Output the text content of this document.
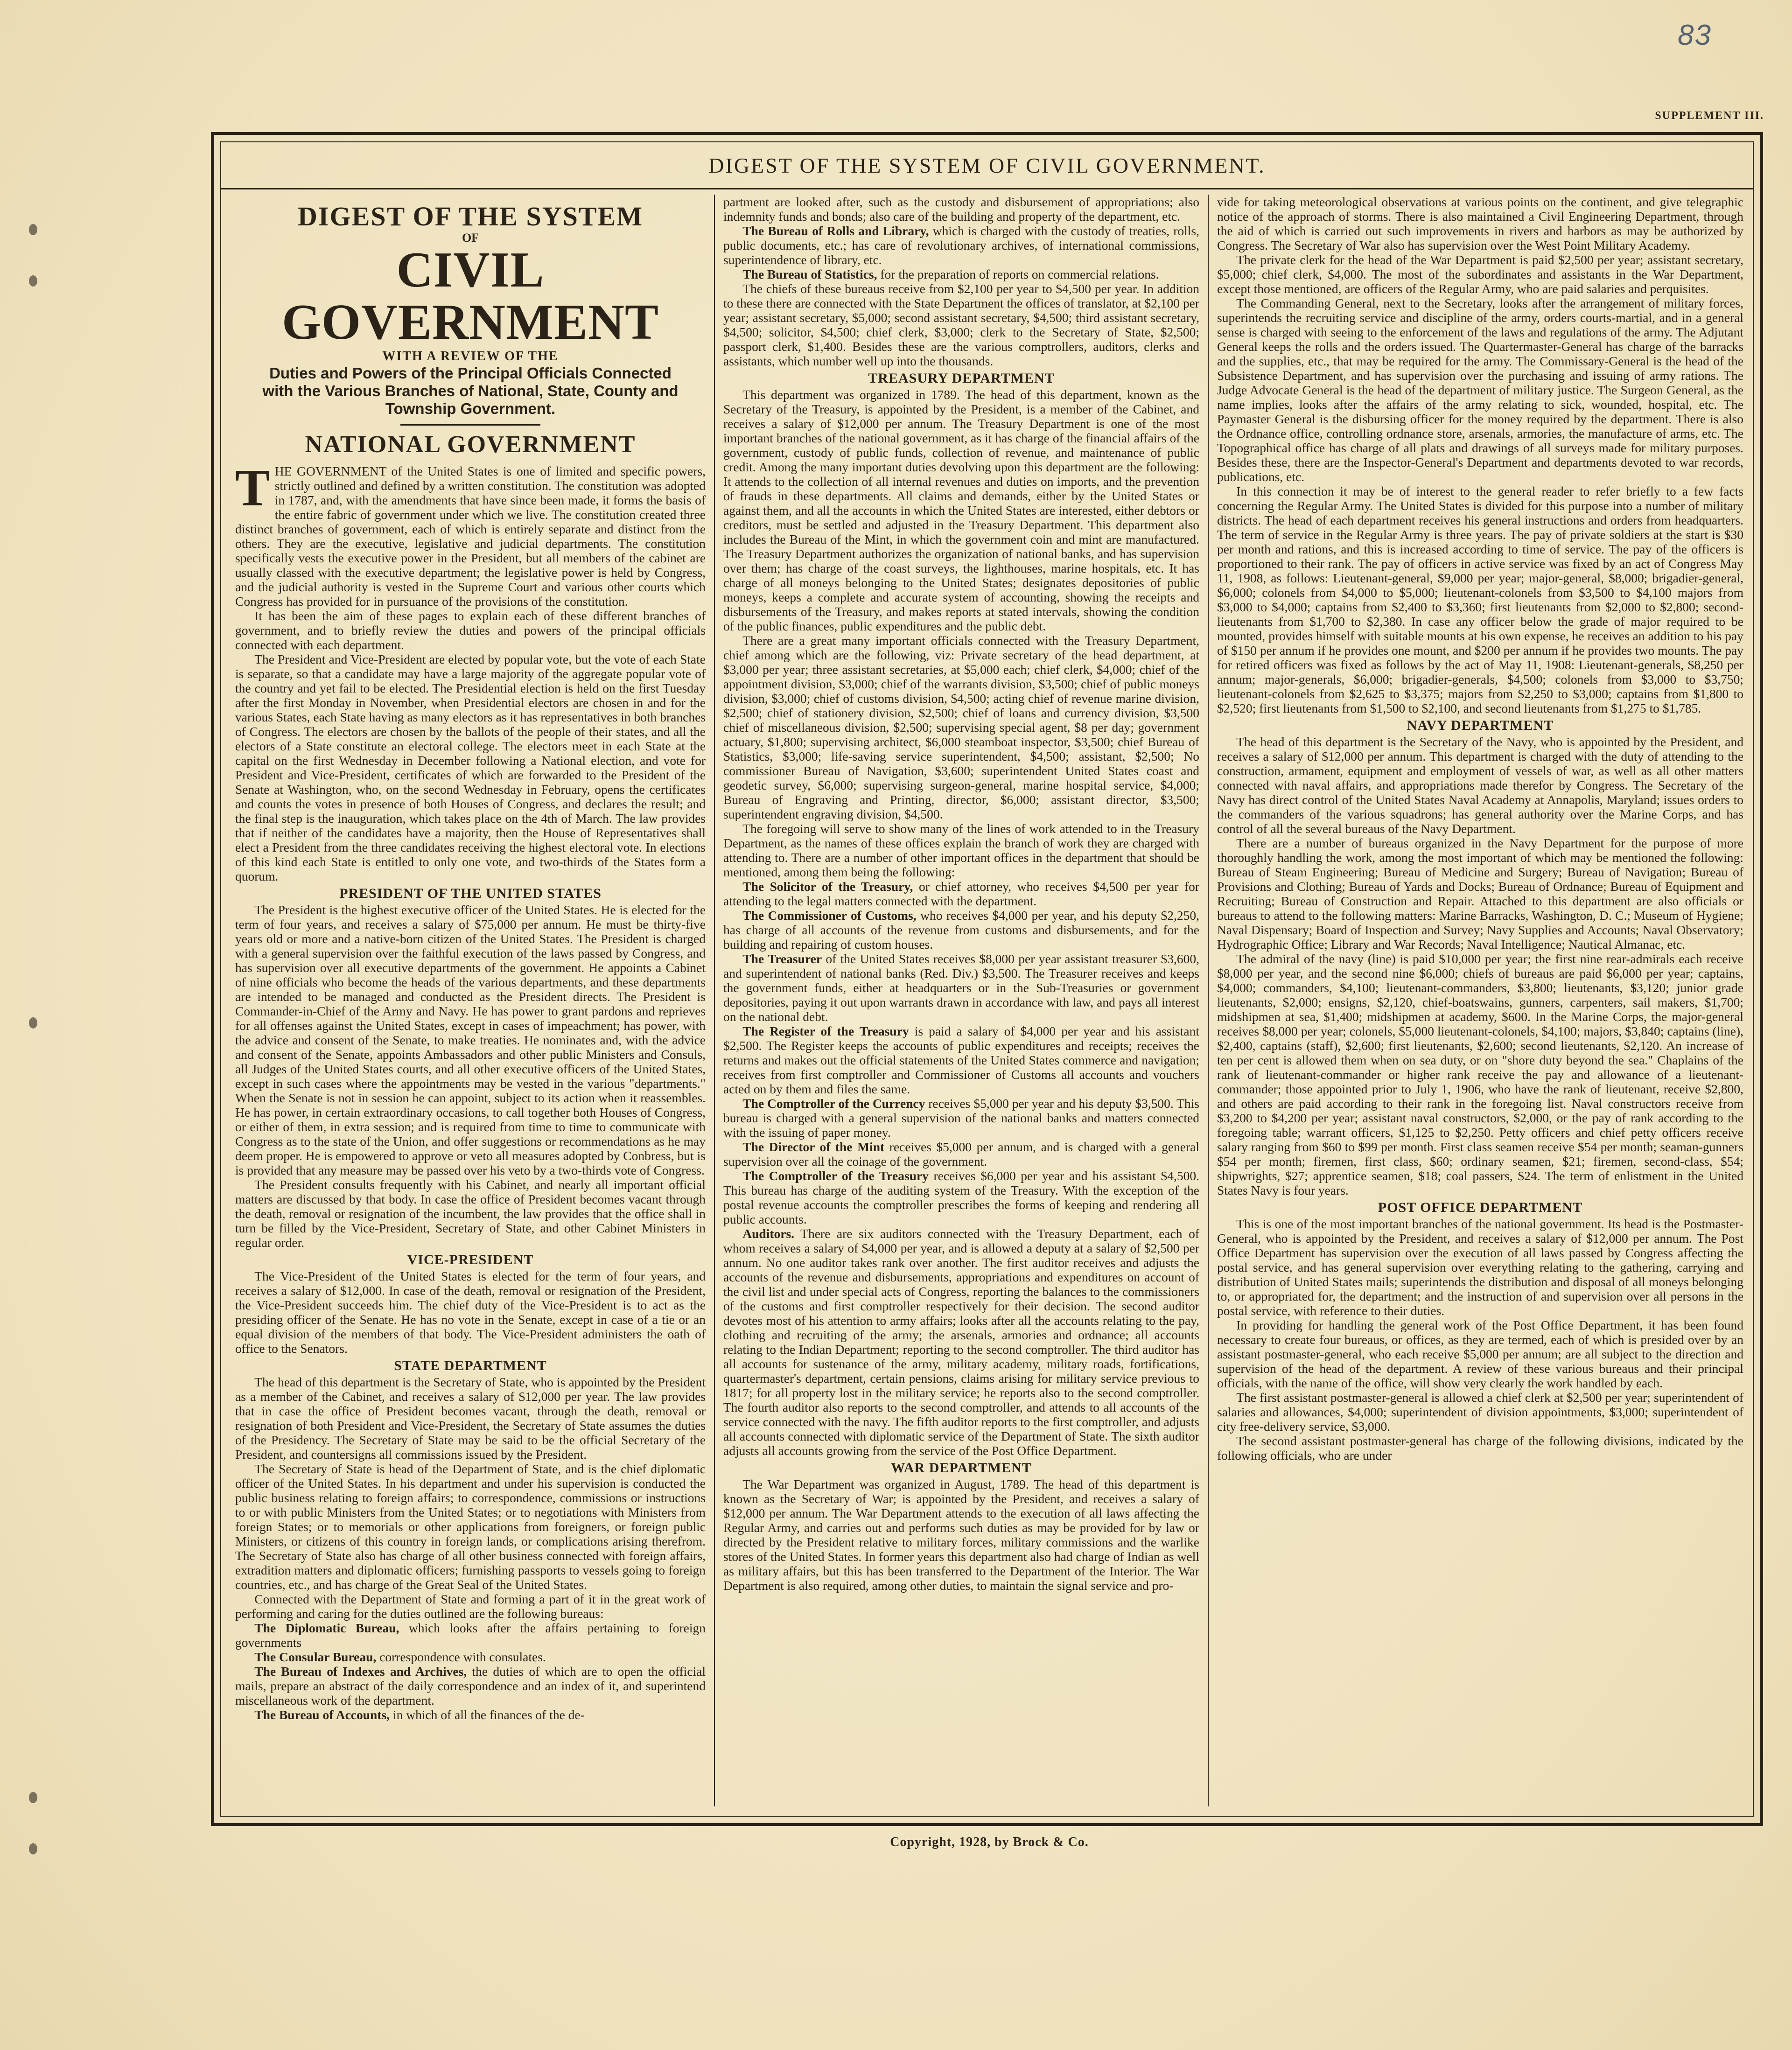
83
SUPPLEMENT III.
DIGEST OF THE SYSTEM OF CIVIL GOVERNMENT.
DIGEST OF THE SYSTEM
OF
CIVIL GOVERNMENT
WITH A REVIEW OF THE
Duties and Powers of the Principal Officials Connected with the Various Branches of National, State, County and Township Government.
NATIONAL GOVERNMENT

THE GOVERNMENT of the United States is one of limited and specific powers, strictly outlined and defined by a written constitution. The constitution was adopted in 1787, and, with the amendments that have since been made, it forms the basis of the entire fabric of government under which we live. The constitution created three distinct branches of government, each of which is entirely separate and distinct from the others. They are the executive, legislative and judicial departments. The constitution specifically vests the executive power in the President, but all members of the cabinet are usually classed with the executive department; the legislative power is held by Congress, and the judicial authority is vested in the Supreme Court and various other courts which Congress has provided for in pursuance of the provisions of the constitution.

It has been the aim of these pages to explain each of these different branches of government, and to briefly review the duties and powers of the principal officials connected with each department.

The President and Vice-President are elected by popular vote, but the vote of each State is separate, so that a candidate may have a large majority of the aggregate popular vote of the country and yet fail to be elected. The Presidential election is held on the first Tuesday after the first Monday in November, when Presidential electors are chosen in and for the various States, each State having as many electors as it has representatives in both branches of Congress. The electors are chosen by the ballots of the people of their states, and all the electors of a State constitute an electoral college. The electors meet in each State at the capital on the first Wednesday in December following a National election, and vote for President and Vice-President, certificates of which are forwarded to the President of the Senate at Washington, who, on the second Wednesday in February, opens the certificates and counts the votes in presence of both Houses of Congress, and declares the result; and the final step is the inauguration, which takes place on the 4th of March. The law provides that if neither of the candidates have a majority, then the House of Representatives shall elect a President from the three candidates receiving the highest electoral vote. In elections of this kind each State is entitled to only one vote, and two-thirds of the States form a quorum.

PRESIDENT OF THE UNITED STATES

The President is the highest executive officer of the United States. He is elected for the term of four years, and receives a salary of $75,000 per annum. He must be thirty-five years old or more and a native-born citizen of the United States. The President is charged with a general supervision over the faithful execution of the laws passed by Congress, and has supervision over all executive departments of the government. He appoints a Cabinet of nine officials who become the heads of the various departments, and these departments are intended to be managed and conducted as the President directs. The President is Commander-in-Chief of the Army and Navy. He has power to grant pardons and reprieves for all offenses against the United States, except in cases of impeachment; has power, with the advice and consent of the Senate, to make treaties. He nominates and, with the advice and consent of the Senate, appoints Ambassadors and other public Ministers and Consuls, all Judges of the United States courts, and all other executive officers of the United States, except in such cases where the appointments may be vested in the various "departments." When the Senate is not in session he can appoint, subject to its action when it reassembles. He has power, in certain extraordinary occasions, to call together both Houses of Congress, or either of them, in extra session; and is required from time to time to communicate with Congress as to the state of the Union, and offer suggestions or recommendations as he may deem proper. He is empowered to approve or veto all measures adopted by Conbress, but is is provided that any measure may be passed over his veto by a two-thirds vote of Congress.

The President consults frequently with his Cabinet, and nearly all important official matters are discussed by that body. In case the office of President becomes vacant through the death, removal or resignation of the incumbent, the law provides that the office shall in turn be filled by the Vice-President, Secretary of State, and other Cabinet Ministers in regular order.

VICE-PRESIDENT

The Vice-President of the United States is elected for the term of four years, and receives a salary of $12,000. In case of the death, removal or resignation of the President, the Vice-President succeeds him. The chief duty of the Vice-President is to act as the presiding officer of the Senate. He has no vote in the Senate, except in case of a tie or an equal division of the members of that body. The Vice-President administers the oath of office to the Senators.

STATE DEPARTMENT

The head of this department is the Secretary of State, who is appointed by the President as a member of the Cabinet, and receives a salary of $12,000 per year. The law provides that in case the office of President becomes vacant, through the death, removal or resignation of both President and Vice-President, the Secretary of State assumes the duties of the Presidency. The Secretary of State may be said to be the official Secretary of the President, and countersigns all commissions issued by the President.

The Secretary of State is head of the Department of State, and is the chief diplomatic officer of the United States. In his department and under his supervision is conducted the public business relating to foreign affairs; to correspondence, commissions or instructions to or with public Ministers from the United States; or to negotiations with Ministers from foreign States; or to memorials or other applications from foreigners, or foreign public Ministers, or citizens of this country in foreign lands, or complications arising therefrom. The Secretary of State also has charge of all other business connected with foreign affairs, extradition matters and diplomatic officers; furnishing passports to vessels going to foreign countries, etc., and has charge of the Great Seal of the United States.

Connected with the Department of State and forming a part of it in the great work of performing and caring for the duties outlined are the following bureaus:

The Diplomatic Bureau, which looks after the affairs pertaining to foreign governments

The Consular Bureau, correspondence with consulates.

The Bureau of Indexes and Archives, the duties of which are to open the official mails, prepare an abstract of the daily correspondence and an index of it, and superintend miscellaneous work of the department.

The Bureau of Accounts, in which of all the finances of the de-

partment are looked after, such as the custody and disbursement of appropriations; also indemnity funds and bonds; also care of the building and property of the department, etc.

The Bureau of Rolls and Library, which is charged with the custody of treaties, rolls, public documents, etc.; has care of revolutionary archives, of international commissions, superintendence of library, etc.

The Bureau of Statistics, for the preparation of reports on commercial relations.

The chiefs of these bureaus receive from $2,100 per year to $4,500 per year. In addition to these there are connected with the State Department the offices of translator, at $2,100 per year; assistant secretary, $5,000; second assistant secretary, $4,500; third assistant secretary, $4,500; solicitor, $4,500; chief clerk, $3,000; clerk to the Secretary of State, $2,500; passport clerk, $1,400. Besides these are the various comptrollers, auditors, clerks and assistants, which number well up into the thousands.

TREASURY DEPARTMENT

This department was organized in 1789. The head of this department, known as the Secretary of the Treasury, is appointed by the President, is a member of the Cabinet, and receives a salary of $12,000 per annum. The Treasury Department is one of the most important branches of the national government, as it has charge of the financial affairs of the government, custody of public funds, collection of revenue, and maintenance of public credit. Among the many important duties devolving upon this department are the following: It attends to the collection of all internal revenues and duties on imports, and the prevention of frauds in these departments. All claims and demands, either by the United States or against them, and all the accounts in which the United States are interested, either debtors or creditors, must be settled and adjusted in the Treasury Department. This department also includes the Bureau of the Mint, in which the government coin and mint are manufactured. The Treasury Department authorizes the organization of national banks, and has supervision over them; has charge of the coast surveys, the lighthouses, marine hospitals, etc. It has charge of all moneys belonging to the United States; designates depositories of public moneys, keeps a complete and accurate system of accounting, showing the receipts and disbursements of the Treasury, and makes reports at stated intervals, showing the condition of the public finances, public expenditures and the public debt.

There are a great many important officials connected with the Treasury Department, chief among which are the following, viz: Private secretary of the head department, at $3,000 per year; three assistant secretaries, at $5,000 each; chief clerk, $4,000; chief of the appointment division, $3,000; chief of the warrants division, $3,500; chief of public moneys division, $3,000; chief of customs division, $4,500; acting chief of revenue marine division, $2,500; chief of stationery division, $2,500; chief of loans and currency division, $3,500 chief of miscellaneous division, $2,500; supervising special agent, $8 per day; government actuary, $1,800; supervising architect, $6,000 steamboat inspector, $3,500; chief Bureau of Statistics, $3,000; life-saving service superintendent, $4,500; assistant, $2,500; No commissioner Bureau of Navigation, $3,600; superintendent United States coast and geodetic survey, $6,000; supervising surgeon-general, marine hospital service, $4,000; Bureau of Engraving and Printing, director, $6,000; assistant director, $3,500; superintendent engraving division, $4,500.

The foregoing will serve to show many of the lines of work attended to in the Treasury Department, as the names of these offices explain the branch of work they are charged with attending to. There are a number of other important offices in the department that should be mentioned, among them being the following:

The Solicitor of the Treasury, or chief attorney, who receives $4,500 per year for attending to the legal matters connected with the department.

The Commissioner of Customs, who receives $4,000 per year, and his deputy $2,250, has charge of all accounts of the revenue from customs and disbursements, and for the building and repairing of custom houses.

The Treasurer of the United States receives $8,000 per year assistant treasurer $3,600, and superintendent of national banks (Red. Div.) $3,500. The Treasurer receives and keeps the government funds, either at headquarters or in the Sub-Treasuries or government depositories, paying it out upon warrants drawn in accordance with law, and pays all interest on the national debt.

The Register of the Treasury is paid a salary of $4,000 per year and his assistant $2,500. The Register keeps the accounts of public expenditures and receipts; receives the returns and makes out the official statements of the United States commerce and navigation; receives from first comptroller and Commissioner of Customs all accounts and vouchers acted on by them and files the same.

The Comptroller of the Currency receives $5,000 per year and his deputy $3,500. This bureau is charged with a general supervision of the national banks and matters connected with the issuing of paper money.

The Director of the Mint receives $5,000 per annum, and is charged with a general supervision over all the coinage of the government.

The Comptroller of the Treasury receives $6,000 per year and his assistant $4,500. This bureau has charge of the auditing system of the Treasury. With the exception of the postal revenue accounts the comptroller prescribes the forms of keeping and rendering all public accounts.

Auditors. There are six auditors connected with the Treasury Department, each of whom receives a salary of $4,000 per year, and is allowed a deputy at a salary of $2,500 per annum. No one auditor takes rank over another. The first auditor receives and adjusts the accounts of the revenue and disbursements, appropriations and expenditures on account of the civil list and under special acts of Congress, reporting the balances to the commissioners of the customs and first comptroller respectively for their decision. The second auditor devotes most of his attention to army affairs; looks after all the accounts relating to the pay, clothing and recruiting of the army; the arsenals, armories and ordnance; all accounts relating to the Indian Department; reporting to the second comptroller. The third auditor has all accounts for sustenance of the army, military academy, military roads, fortifications, quartermaster's department, certain pensions, claims arising for military service previous to 1817; for all property lost in the military service; he reports also to the second comptroller. The fourth auditor also reports to the second comptroller, and attends to all accounts of the service connected with the navy. The fifth auditor reports to the first comptroller, and adjusts all accounts connected with diplomatic service of the Department of State. The sixth auditor adjusts all accounts growing from the service of the Post Office Department.

WAR DEPARTMENT

The War Department was organized in August, 1789. The head of this department is known as the Secretary of War; is appointed by the President, and receives a salary of $12,000 per annum. The War Department attends to the execution of all laws affecting the Regular Army, and carries out and performs such duties as may be provided for by law or directed by the President relative to military forces, military commissions and the warlike stores of the United States. In former years this department also had charge of Indian as well as military affairs, but this has been transferred to the Department of the Interior. The War Department is also required, among other duties, to maintain the signal service and pro-

vide for taking meteorological observations at various points on the continent, and give telegraphic notice of the approach of storms. There is also maintained a Civil Engineering Department, through the aid of which is carried out such improvements in rivers and harbors as may be authorized by Congress. The Secretary of War also has supervision over the West Point Military Academy.

The private clerk for the head of the War Department is paid $2,500 per year; assistant secretary, $5,000; chief clerk, $4,000. The most of the subordinates and assistants in the War Department, except those mentioned, are officers of the Regular Army, who are paid salaries and perquisites.

The Commanding General, next to the Secretary, looks after the arrangement of military forces, superintends the recruiting service and discipline of the army, orders courts-martial, and in a general sense is charged with seeing to the enforcement of the laws and regulations of the army. The Adjutant General keeps the rolls and the orders issued. The Quartermaster-General has charge of the barracks and the supplies, etc., that may be required for the army. The Commissary-General is the head of the Subsistence Department, and has supervision over the purchasing and issuing of army rations. The Judge Advocate General is the head of the department of military justice. The Surgeon General, as the name implies, looks after the affairs of the army relating to sick, wounded, hospital, etc. The Paymaster General is the disbursing officer for the money required by the department. There is also the Ordnance office, controlling ordnance store, arsenals, armories, the manufacture of arms, etc. The Topographical office has charge of all plats and drawings of all surveys made for military purposes. Besides these, there are the Inspector-General's Department and departments devoted to war records, publications, etc.

In this connection it may be of interest to the general reader to refer briefly to a few facts concerning the Regular Army. The United States is divided for this purpose into a number of military districts. The head of each department receives his general instructions and orders from headquarters. The term of service in the Regular Army is three years. The pay of private soldiers at the start is $30 per month and rations, and this is increased according to time of service. The pay of the officers is proportioned to their rank. The pay of officers in active service was fixed by an act of Congress May 11, 1908, as follows: Lieutenant-general, $9,000 per year; major-general, $8,000; brigadier-general, $6,000; colonels from $4,000 to $5,000; lieutenant-colonels from $3,500 to $4,100 majors from $3,000 to $4,000; captains from $2,400 to $3,360; first lieutenants from $2,000 to $2,800; second-lieutenants from $1,700 to $2,380. In case any officer below the grade of major required to be mounted, provides himself with suitable mounts at his own expense, he receives an addition to his pay of $150 per annum if he provides one mount, and $200 per annum if he provides two mounts. The pay for retired officers was fixed as follows by the act of May 11, 1908: Lieutenant-generals, $8,250 per annum; major-generals, $6,000; brigadier-generals, $4,500; colonels from $3,000 to $3,750; lieutenant-colonels from $2,625 to $3,375; majors from $2,250 to $3,000; captains from $1,800 to $2,520; first lieutenants from $1,500 to $2,100, and second lieutenants from $1,275 to $1,785.

NAVY DEPARTMENT

The head of this department is the Secretary of the Navy, who is appointed by the President, and receives a salary of $12,000 per annum. This department is charged with the duty of attending to the construction, armament, equipment and employment of vessels of war, as well as all other matters connected with naval affairs, and appropriations made therefor by Congress. The Secretary of the Navy has direct control of the United States Naval Academy at Annapolis, Maryland; issues orders to the commanders of the various squadrons; has general authority over the Marine Corps, and has control of all the several bureaus of the Navy Department.

There are a number of bureaus organized in the Navy Department for the purpose of more thoroughly handling the work, among the most important of which may be mentioned the following: Bureau of Steam Engineering; Bureau of Medicine and Surgery; Bureau of Navigation; Bureau of Provisions and Clothing; Bureau of Yards and Docks; Bureau of Ordnance; Bureau of Equipment and Recruiting; Bureau of Construction and Repair. Attached to this department are also officials or bureaus to attend to the following matters: Marine Barracks, Washington, D. C.; Museum of Hygiene; Naval Dispensary; Board of Inspection and Survey; Navy Supplies and Accounts; Naval Observatory; Hydrographic Office; Library and War Records; Naval Intelligence; Nautical Almanac, etc.

The admiral of the navy (line) is paid $10,000 per year; the first nine rear-admirals each receive $8,000 per year, and the second nine $6,000; chiefs of bureaus are paid $6,000 per year; captains, $4,000; commanders, $4,100; lieutenant-commanders, $3,800; lieutenants, $3,120; junior grade lieutenants, $2,000; ensigns, $2,120, chief-boatswains, gunners, carpenters, sail makers, $1,700; midshipmen at sea, $1,400; midshipmen at academy, $600. In the Marine Corps, the major-general receives $8,000 per year; colonels, $5,000 lieutenant-colonels, $4,100; majors, $3,840; captains (line), $2,400, captains (staff), $2,600; first lieutenants, $2,600; second lieutenants, $2,120. An increase of ten per cent is allowed them when on sea duty, or on "shore duty beyond the sea." Chaplains of the rank of lieutenant-commander or higher rank receive the pay and allowance of a lieutenant-commander; those appointed prior to July 1, 1906, who have the rank of lieutenant, receive $2,800, and others are paid according to their rank in the foregoing list. Naval constructors receive from $3,200 to $4,200 per year; assistant naval constructors, $2,000, or the pay of rank according to the foregoing table; warrant officers, $1,125 to $2,250. Petty officers and chief petty officers receive salary ranging from $60 to $99 per month. First class seamen receive $54 per month; seaman-gunners $54 per month; firemen, first class, $60; ordinary seamen, $21; firemen, second-class, $54; shipwrights, $27; apprentice seamen, $18; coal passers, $24. The term of enlistment in the United States Navy is four years.

POST OFFICE DEPARTMENT

This is one of the most important branches of the national government. Its head is the Postmaster-General, who is appointed by the President, and receives a salary of $12,000 per annum. The Post Office Department has supervision over the execution of all laws passed by Congress affecting the postal service, and has general supervision over everything relating to the gathering, carrying and distribution of United States mails; superintends the distribution and disposal of all moneys belonging to, or appropriated for, the department; and the instruction of and supervision over all persons in the postal service, with reference to their duties.

In providing for handling the general work of the Post Office Department, it has been found necessary to create four bureaus, or offices, as they are termed, each of which is presided over by an assistant postmaster-general, who each receive $5,000 per annum; are all subject to the direction and supervision of the head of the department. A review of these various bureaus and their principal officials, with the name of the office, will show very clearly the work handled by each.

The first assistant postmaster-general is allowed a chief clerk at $2,500 per year; superintendent of salaries and allowances, $4,000; superintendent of division appointments, $3,000; superintendent of city free-delivery service, $3,000.

The second assistant postmaster-general has charge of the following divisions, indicated by the following officials, who are under

Copyright, 1928, by Brock & Co.
